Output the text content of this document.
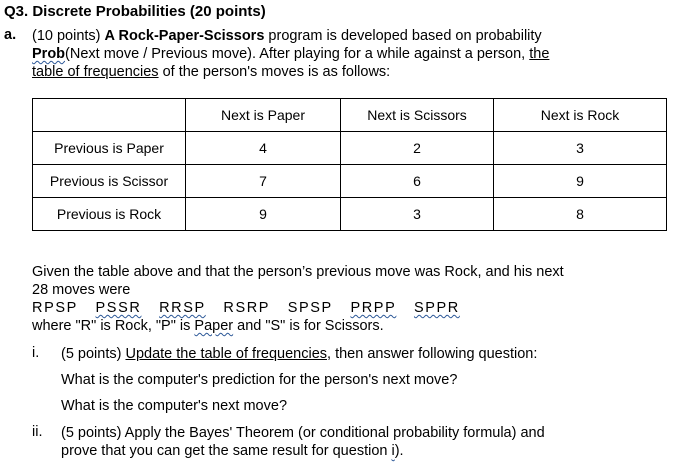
Q3. Discrete Probabilities (20 points)
a.	(10 points) A Rock-Paper-Scissors program is developed based on probability
Prob(Next move / Previous move). After playing for a while against a person, the
table of frequencies of the person's moves is as follows:
	Next is Paper	Next is Scissors	Next is Rock
Previous is Paper	4	2	3
Previous is Scissor	7	6	9
Previous is Rock	9	3	8
Given the table above and that the person’s previous move was Rock, and his next
28 moves were
RPSP PSSR RRSP RSRP SPSP PRPP SPPR
where "R" is Rock, "P" is Paper and "S" is for Scissors.
i. (5 points) Update the table of frequencies, then answer following question:
What is the computer's prediction for the person's next move?
What is the computer's next move?
ii. (5 points) Apply the Bayes' Theorem (or conditional probability formula) and
prove that you can get the same result for question i).
